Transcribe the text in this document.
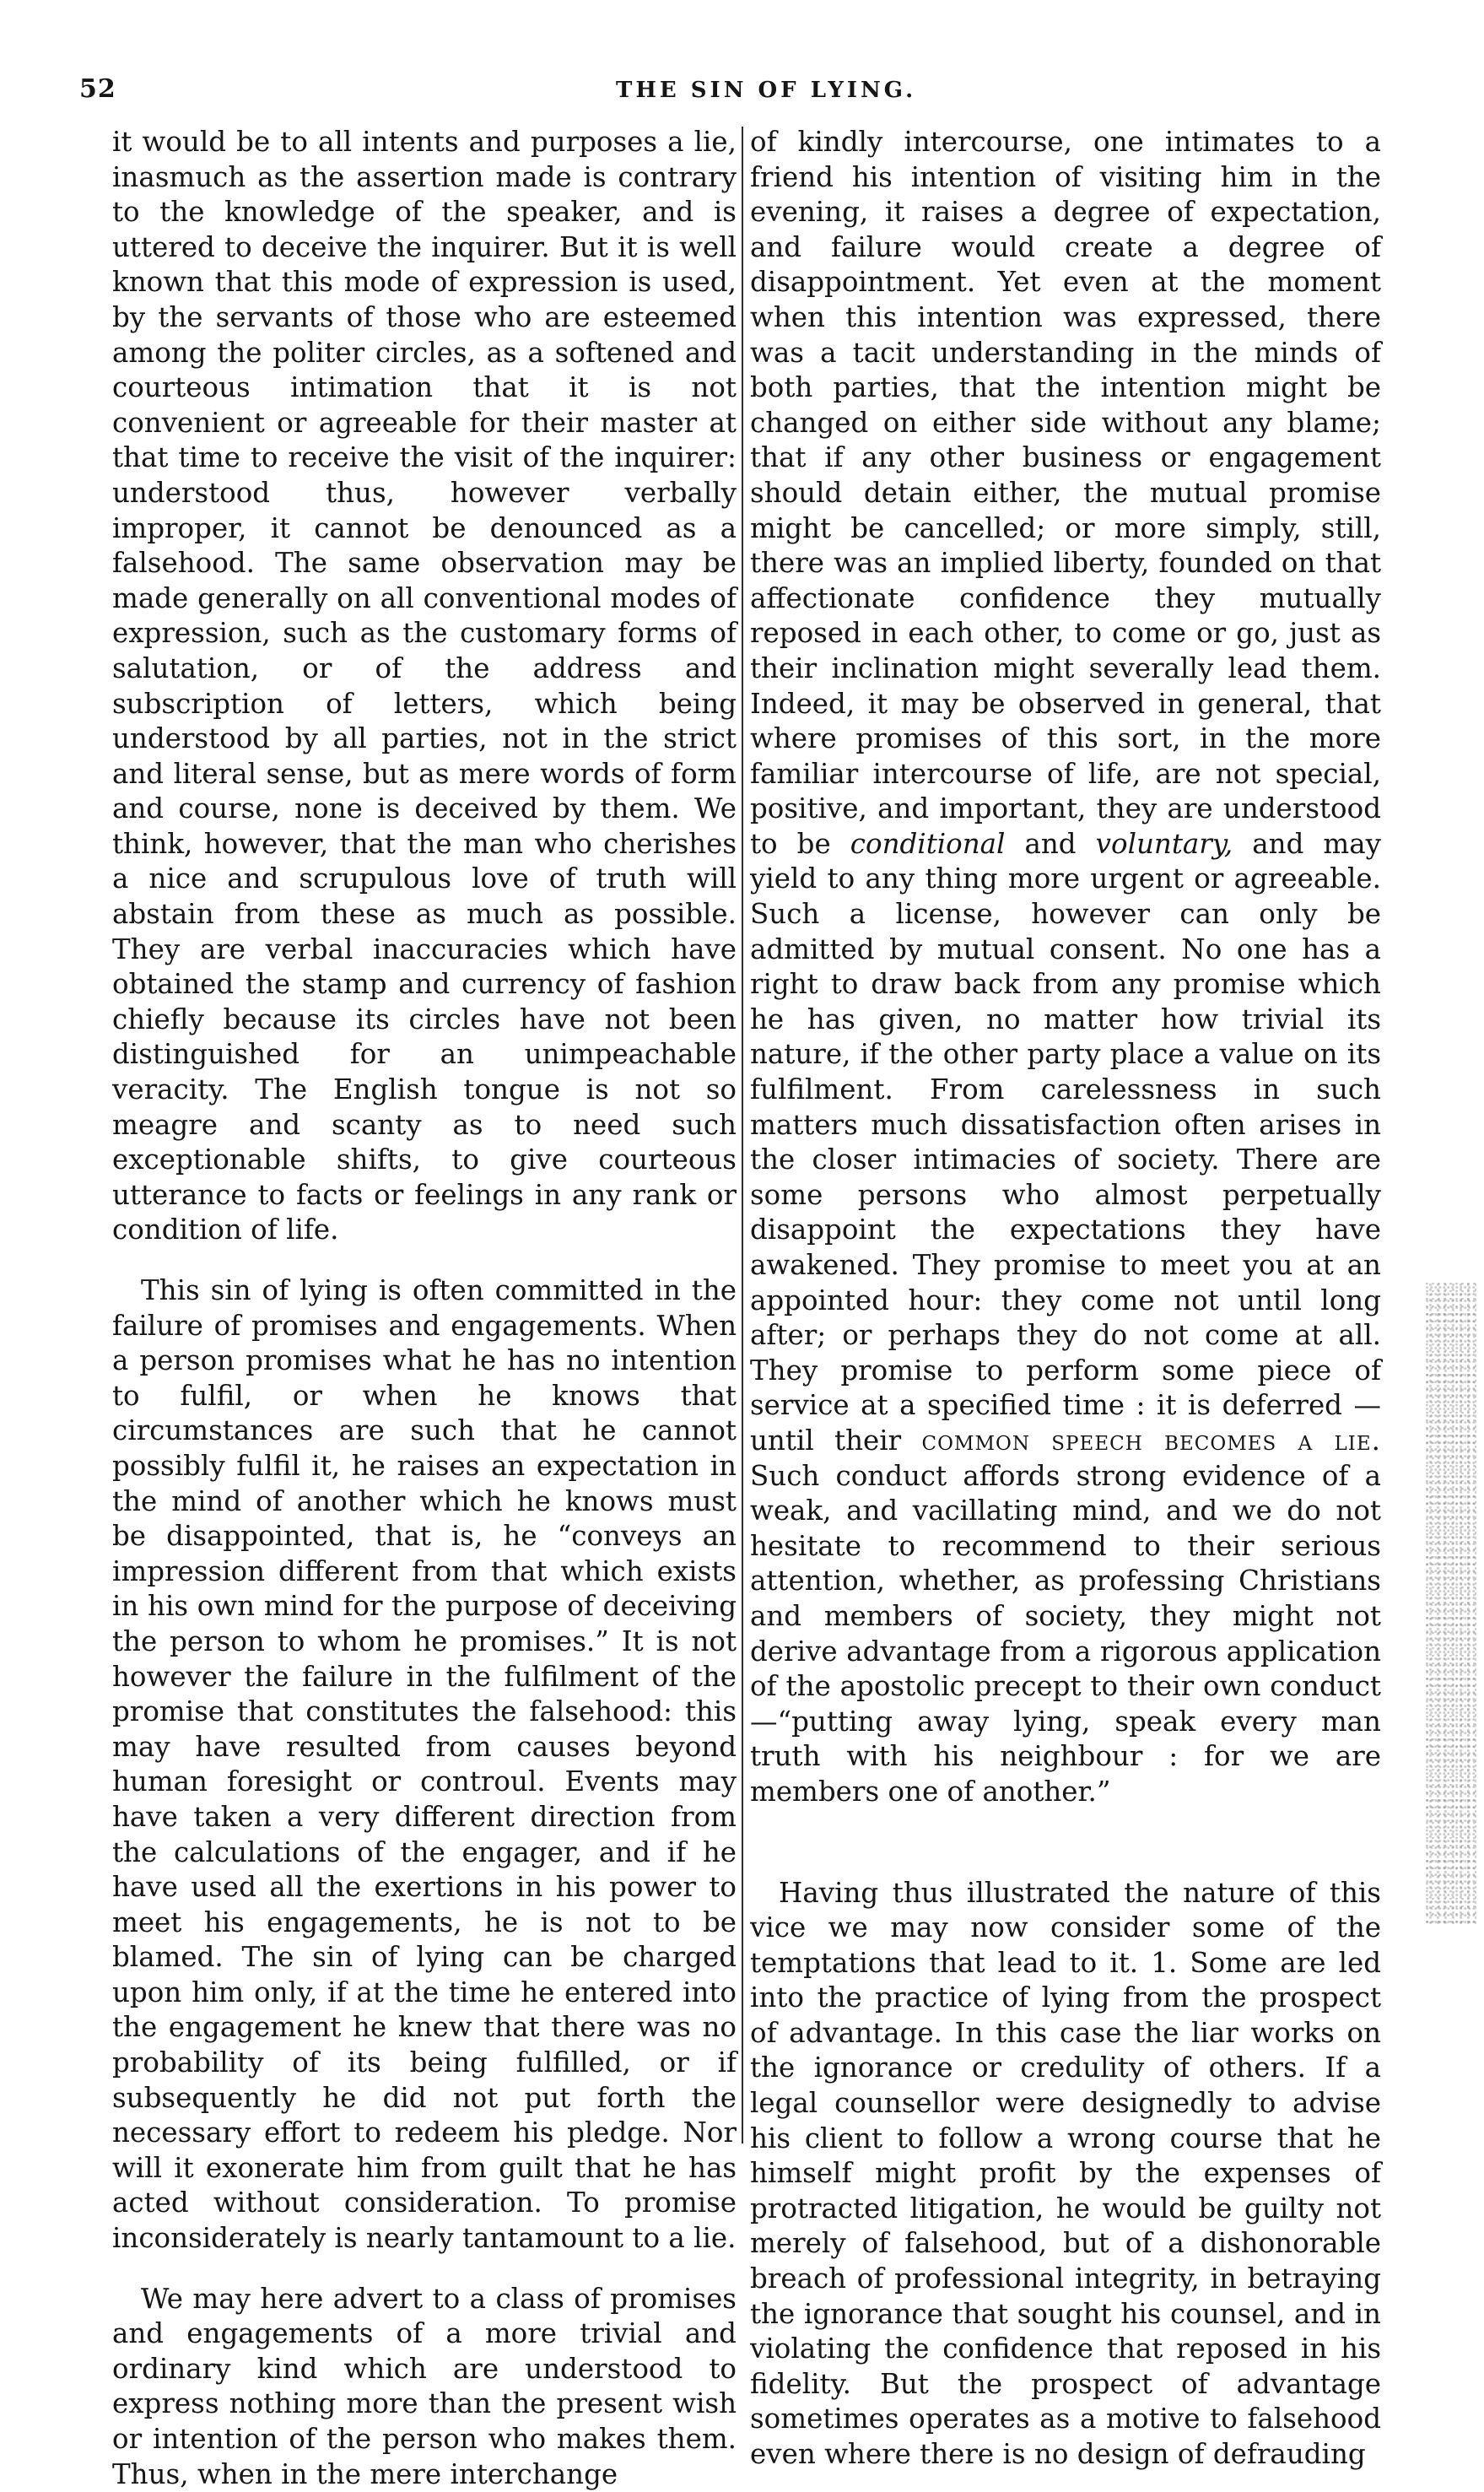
52	THE SIN OF LYING.

it would be to all intents and purposes a lie, inasmuch as the assertion made is contrary to the knowledge of the speaker, and is uttered to deceive the inquirer. But it is well known that this mode of expression is used, by the servants of those who are esteemed among the politer circles, as a softened and courteous intimation that it is not convenient or agreeable for their master at that time to receive the visit of the inquirer: understood thus, however verbally improper, it cannot be denounced as a falsehood. The same observation may be made generally on all conventional modes of expression, such as the customary forms of salutation, or of the address and subscription of letters, which being understood by all parties, not in the strict and literal sense, but as mere words of form and course, none is deceived by them. We think, however, that the man who cherishes a nice and scrupulous love of truth will abstain from these as much as possible. They are verbal inaccuracies which have obtained the stamp and currency of fashion chiefly because its circles have not been distinguished for an unimpeachable veracity. The English tongue is not so meagre and scanty as to need such exceptionable shifts, to give courteous utterance to facts or feelings in any rank or condition of life.

This sin of lying is often committed in the failure of promises and engagements. When a person promises what he has no intention to fulfil, or when he knows that circumstances are such that he cannot possibly fulfil it, he raises an expectation in the mind of another which he knows must be disappointed, that is, he “conveys an impression different from that which exists in his own mind for the purpose of deceiving the person to whom he promises.” It is not however the failure in the fulfilment of the promise that constitutes the falsehood: this may have resulted from causes beyond human foresight or controul. Events may have taken a very different direction from the calculations of the engager, and if he have used all the exertions in his power to meet his engagements, he is not to be blamed. The sin of lying can be charged upon him only, if at the time he entered into the engagement he knew that there was no probability of its being fulfilled, or if subsequently he did not put forth the necessary effort to redeem his pledge. Nor will it exonerate him from guilt that he has acted without consideration. To promise inconsiderately is nearly tantamount to a lie.

We may here advert to a class of promises and engagements of a more trivial and ordinary kind which are understood to express nothing more than the present wish or intention of the person who makes them. Thus, when in the mere interchange

of kindly intercourse, one intimates to a friend his intention of visiting him in the evening, it raises a degree of expectation, and failure would create a degree of disappointment. Yet even at the moment when this intention was expressed, there was a tacit understanding in the minds of both parties, that the intention might be changed on either side without any blame; that if any other business or engagement should detain either, the mutual promise might be cancelled; or more simply, still, there was an implied liberty, founded on that affectionate confidence they mutually reposed in each other, to come or go, just as their inclination might severally lead them. Indeed, it may be observed in general, that where promises of this sort, in the more familiar intercourse of life, are not special, positive, and important, they are understood to be conditional and voluntary, and may yield to any thing more urgent or agreeable. Such a license, however can only be admitted by mutual consent. No one has a right to draw back from any promise which he has given, no matter how trivial its nature, if the other party place a value on its fulfilment. From carelessness in such matters much dissatisfaction often arises in the closer intimacies of society. There are some persons who almost perpetually disappoint the expectations they have awakened. They promise to meet you at an appointed hour: they come not until long after; or perhaps they do not come at all. They promise to perform some piece of service at a specified time : it is deferred —until their common speech becomes a lie. Such conduct affords strong evidence of a weak, and vacillating mind, and we do not hesitate to recommend to their serious attention, whether, as professing Christians and members of society, they might not derive advantage from a rigorous application of the apostolic precept to their own conduct—“putting away lying, speak every man truth with his neighbour : for we are members one of another.”

Having thus illustrated the nature of this vice we may now consider some of the temptations that lead to it. 1. Some are led into the practice of lying from the prospect of advantage. In this case the liar works on the ignorance or credulity of others. If a legal counsellor were designedly to advise his client to follow a wrong course that he himself might profit by the expenses of protracted litigation, he would be guilty not merely of falsehood, but of a dishonorable breach of professional integrity, in betraying the ignorance that sought his counsel, and in violating the confidence that reposed in his fidelity. But the prospect of advantage sometimes operates as a motive to falsehood even where there is no design of defrauding
